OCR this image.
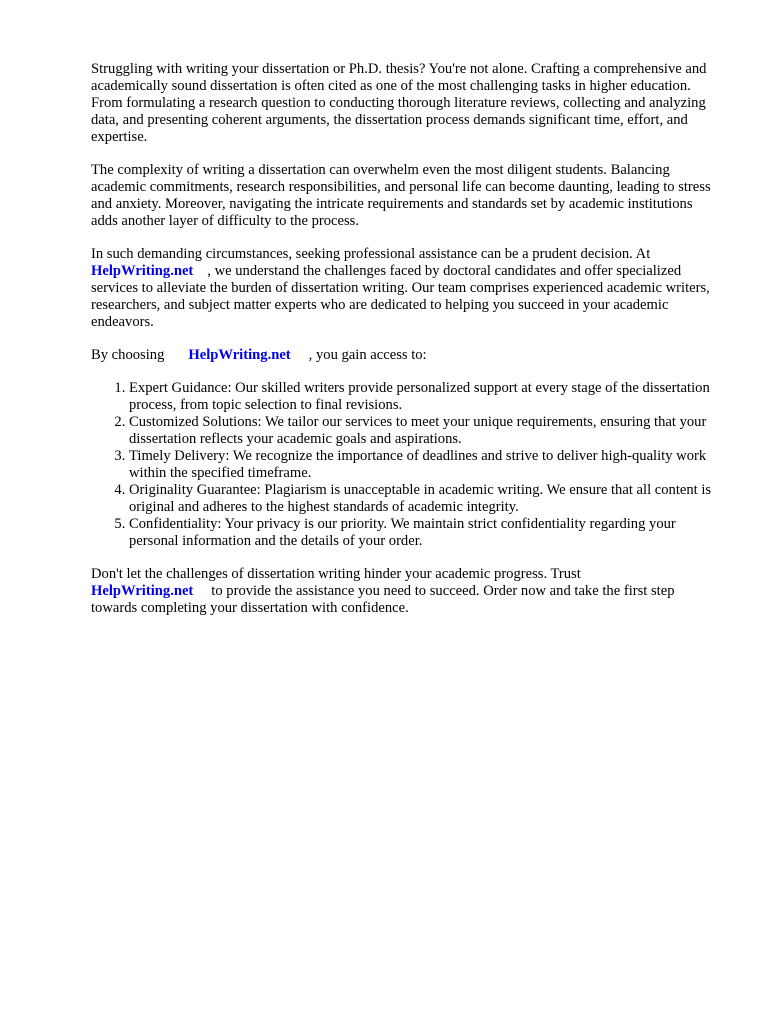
Struggling with writing your dissertation or Ph.D. thesis? You're not alone. Crafting a comprehensive and academically sound dissertation is often cited as one of the most challenging tasks in higher education. From formulating a research question to conducting thorough literature reviews, collecting and analyzing data, and presenting coherent arguments, the dissertation process demands significant time, effort, and expertise.

The complexity of writing a dissertation can overwhelm even the most diligent students. Balancing academic commitments, research responsibilities, and personal life can become daunting, leading to stress and anxiety. Moreover, navigating the intricate requirements and standards set by academic institutions adds another layer of difficulty to the process.

In such demanding circumstances, seeking professional assistance can be a prudent decision. At
HelpWriting.net , we understand the challenges faced by doctoral candidates and offer specialized services to alleviate the burden of dissertation writing. Our team comprises experienced academic writers, researchers, and subject matter experts who are dedicated to helping you succeed in your academic endeavors.

By choosing HelpWriting.net , you gain access to:

1. Expert Guidance: Our skilled writers provide personalized support at every stage of the dissertation process, from topic selection to final revisions.
2. Customized Solutions: We tailor our services to meet your unique requirements, ensuring that your dissertation reflects your academic goals and aspirations.
3. Timely Delivery: We recognize the importance of deadlines and strive to deliver high-quality work within the specified timeframe.
4. Originality Guarantee: Plagiarism is unacceptable in academic writing. We ensure that all content is original and adheres to the highest standards of academic integrity.
5. Confidentiality: Your privacy is our priority. We maintain strict confidentiality regarding your personal information and the details of your order.

Don't let the challenges of dissertation writing hinder your academic progress. Trust
HelpWriting.net to provide the assistance you need to succeed. Order now and take the first step towards completing your dissertation with confidence.
